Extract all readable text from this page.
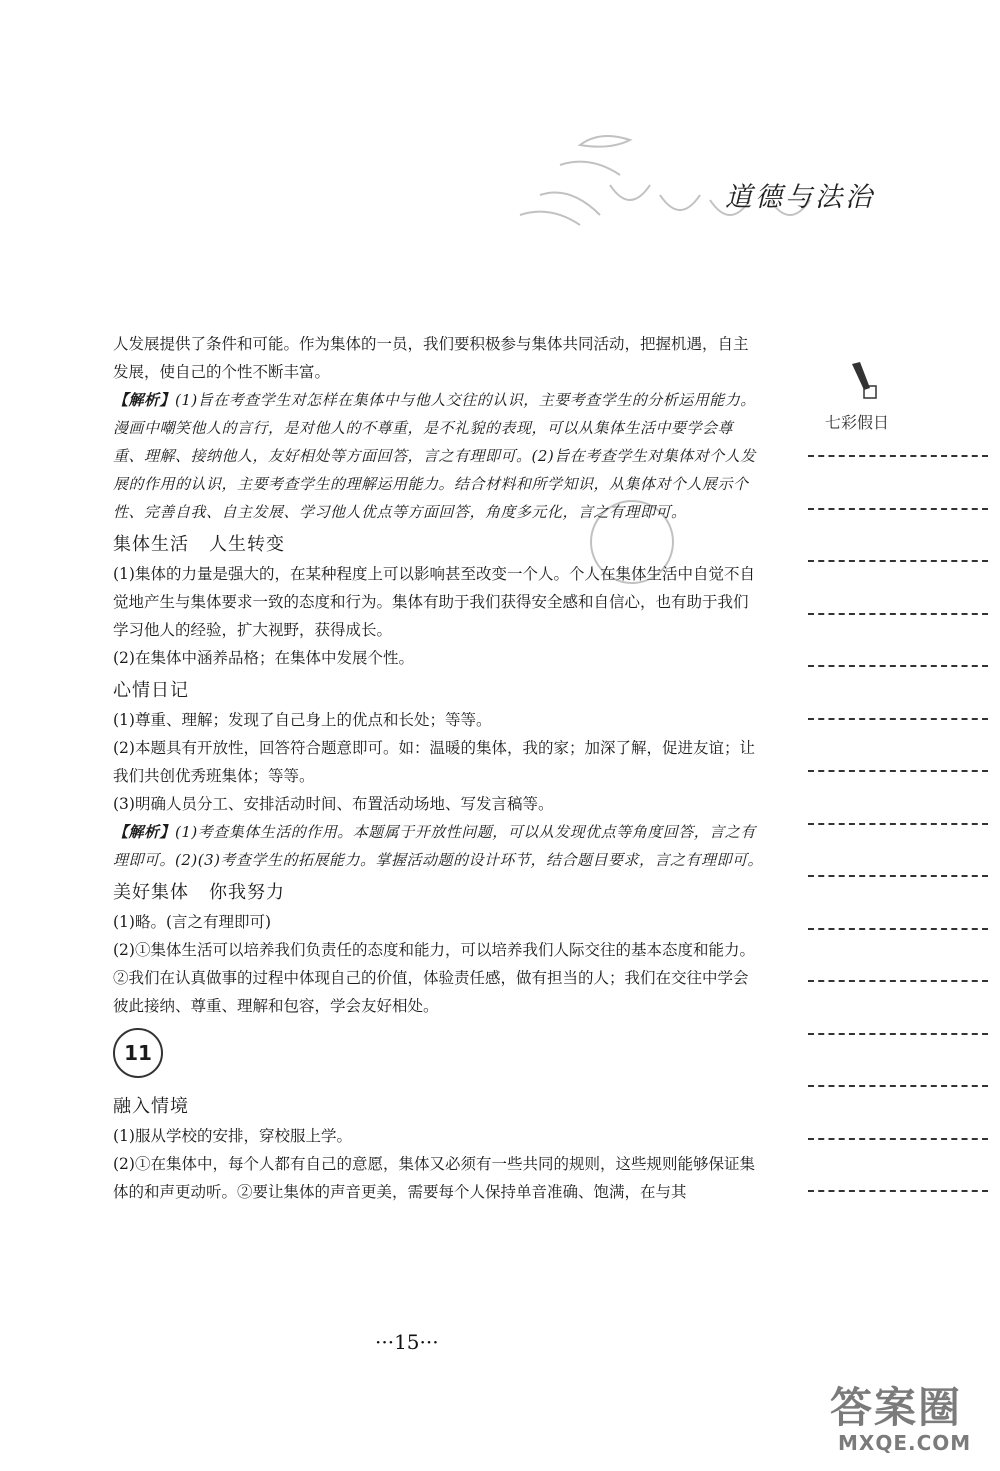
道德与法治
七彩假日

人发展提供了条件和可能。作为集体的一员，我们要积极参与集体共同活动，把握机遇，自主发展，使自己的个性不断丰富。

【解析】(1)旨在考查学生对怎样在集体中与他人交往的认识，主要考查学生的分析运用能力。漫画中嘲笑他人的言行，是对他人的不尊重，是不礼貌的表现，可以从集体生活中要学会尊重、理解、接纳他人，友好相处等方面回答，言之有理即可。(2)旨在考查学生对集体对个人发展的作用的认识，主要考查学生的理解运用能力。结合材料和所学知识，从集体对个人展示个性、完善自我、自主发展、学习他人优点等方面回答，角度多元化，言之有理即可。

集体生活 人生转变

(1)集体的力量是强大的，在某种程度上可以影响甚至改变一个人。个人在集体生活中自觉不自觉地产生与集体要求一致的态度和行为。集体有助于我们获得安全感和自信心，也有助于我们学习他人的经验，扩大视野，获得成长。

(2)在集体中涵养品格；在集体中发展个性。

心情日记

(1)尊重、理解；发现了自己身上的优点和长处；等等。

(2)本题具有开放性，回答符合题意即可。如：温暖的集体，我的家；加深了解，促进友谊；让我们共创优秀班集体；等等。

(3)明确人员分工、安排活动时间、布置活动场地、写发言稿等。

【解析】(1)考查集体生活的作用。本题属于开放性问题，可以从发现优点等角度回答，言之有理即可。(2)(3)考查学生的拓展能力。掌握活动题的设计环节，结合题目要求，言之有理即可。

美好集体 你我努力

(1)略。(言之有理即可)

(2)①集体生活可以培养我们负责任的态度和能力，可以培养我们人际交往的基本态度和能力。②我们在认真做事的过程中体现自己的价值，体验责任感，做有担当的人；我们在交往中学会彼此接纳、尊重、理解和包容，学会友好相处。

11
融入情境

(1)服从学校的安排，穿校服上学。

(2)①在集体中，每个人都有自己的意愿，集体又必须有一些共同的规则，这些规则能够保证集体的和声更动听。②要让集体的声音更美，需要每个人保持单音准确、饱满，在与其

···15···
答案圈
MXQE.COM
